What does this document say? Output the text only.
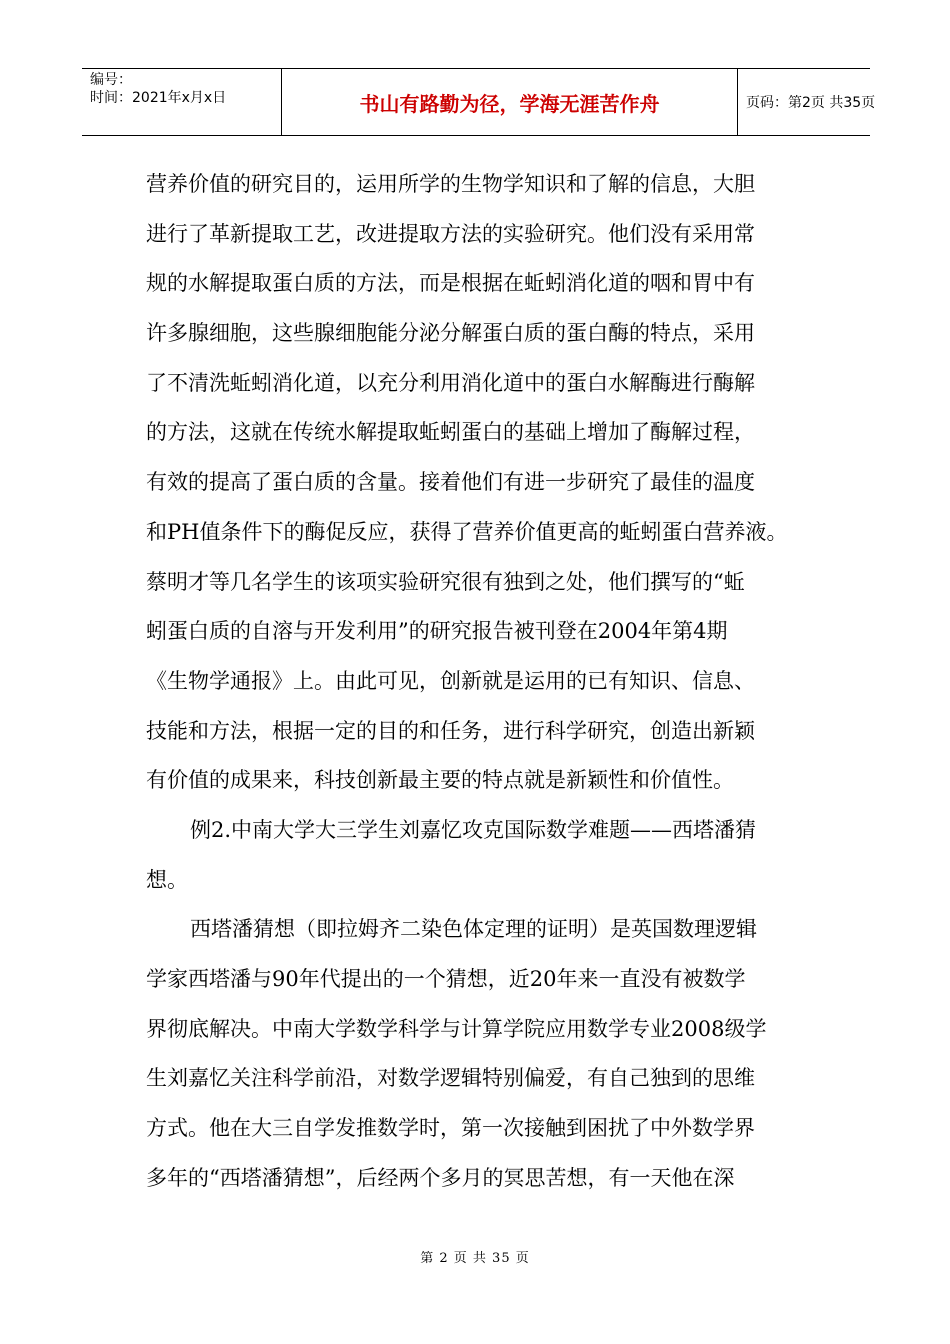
编号：
时间：2021年x月x日	书山有路勤为径，学海无涯苦作舟	页码：第2页 共35页
营养价值的研究目的，运用所学的生物学知识和了解的信息，大胆
进行了革新提取工艺，改进提取方法的实验研究。他们没有采用常
规的水解提取蛋白质的方法，而是根据在蚯蚓消化道的咽和胃中有
许多腺细胞，这些腺细胞能分泌分解蛋白质的蛋白酶的特点，采用
了不清洗蚯蚓消化道，以充分利用消化道中的蛋白水解酶进行酶解
的方法，这就在传统水解提取蚯蚓蛋白的基础上增加了酶解过程，
有效的提高了蛋白质的含量。接着他们有进一步研究了最佳的温度
和PH值条件下的酶促反应，获得了营养价值更高的蚯蚓蛋白营养液。
蔡明才等几名学生的该项实验研究很有独到之处，他们撰写的“蚯
蚓蛋白质的自溶与开发利用”的研究报告被刊登在2004年第4期
《生物学通报》上。由此可见，创新就是运用的已有知识、信息、
技能和方法，根据一定的目的和任务，进行科学研究，创造出新颖
有价值的成果来，科技创新最主要的特点就是新颖性和价值性。
例2.中南大学大三学生刘嘉忆攻克国际数学难题——西塔潘猜
想。
西塔潘猜想（即拉姆齐二染色体定理的证明）是英国数理逻辑
学家西塔潘与90年代提出的一个猜想，近20年来一直没有被数学
界彻底解决。中南大学数学科学与计算学院应用数学专业2008级学
生刘嘉忆关注科学前沿，对数学逻辑特别偏爱，有自己独到的思维
方式。他在大三自学发推数学时，第一次接触到困扰了中外数学界
多年的“西塔潘猜想”，后经两个多月的冥思苦想，有一天他在深
第 2 页 共 35 页
